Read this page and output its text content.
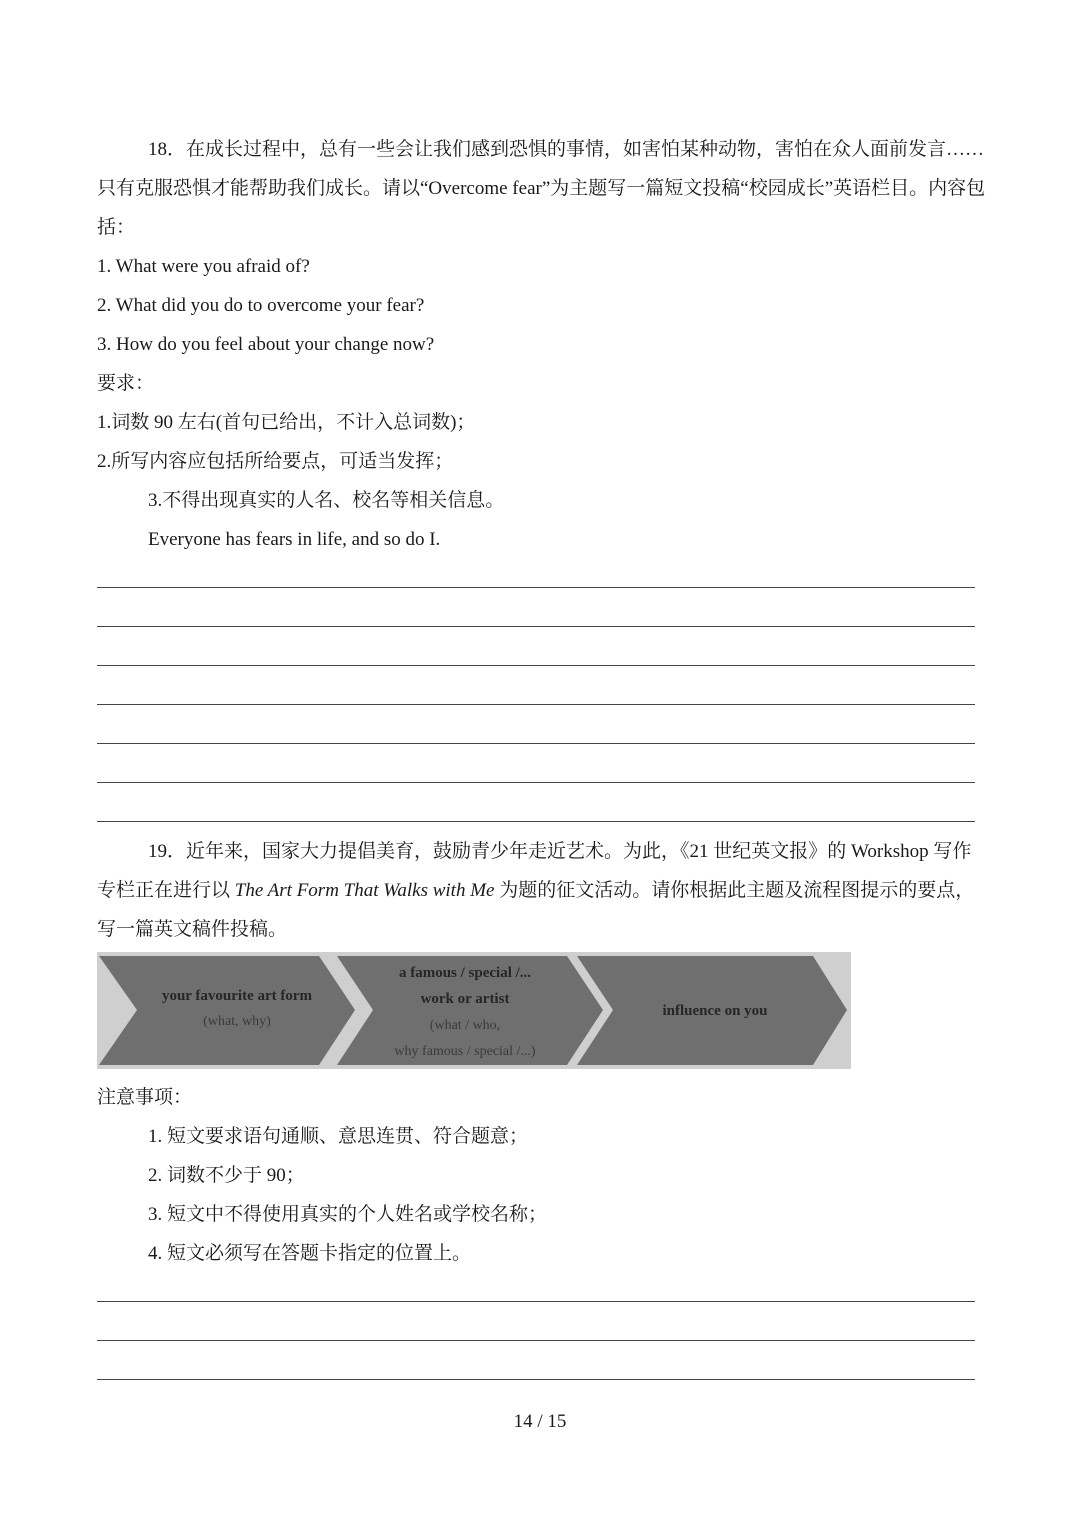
18．在成长过程中，总有一些会让我们感到恐惧的事情，如害怕某种动物，害怕在众人面前发言……
只有克服恐惧才能帮助我们成长。请以“Overcome fear”为主题写一篇短文投稿“校园成长”英语栏目。内容包
括：
1. What were you afraid of?
2. What did you do to overcome your fear?
3. How do you feel about your change now?
要求：
1.词数 90 左右(首句已给出，不计入总词数)；
2.所写内容应包括所给要点，可适当发挥；
3.不得出现真实的人名、校名等相关信息。
Everyone has fears in life, and so do I.
19．近年来，国家大力提倡美育，鼓励青少年走近艺术。为此，《21 世纪英文报》的 Workshop 写作
专栏正在进行以 The Art Form That Walks with Me 为题的征文活动。请你根据此主题及流程图提示的要点，
写一篇英文稿件投稿。
your favourite art form
(what, why)
a famous / special /...
work or artist
(what / who,
why famous / special /...)
influence on you
注意事项：
1. 短文要求语句通顺、意思连贯、符合题意；
2. 词数不少于 90；
3. 短文中不得使用真实的个人姓名或学校名称；
4. 短文必须写在答题卡指定的位置上。
14 / 15
